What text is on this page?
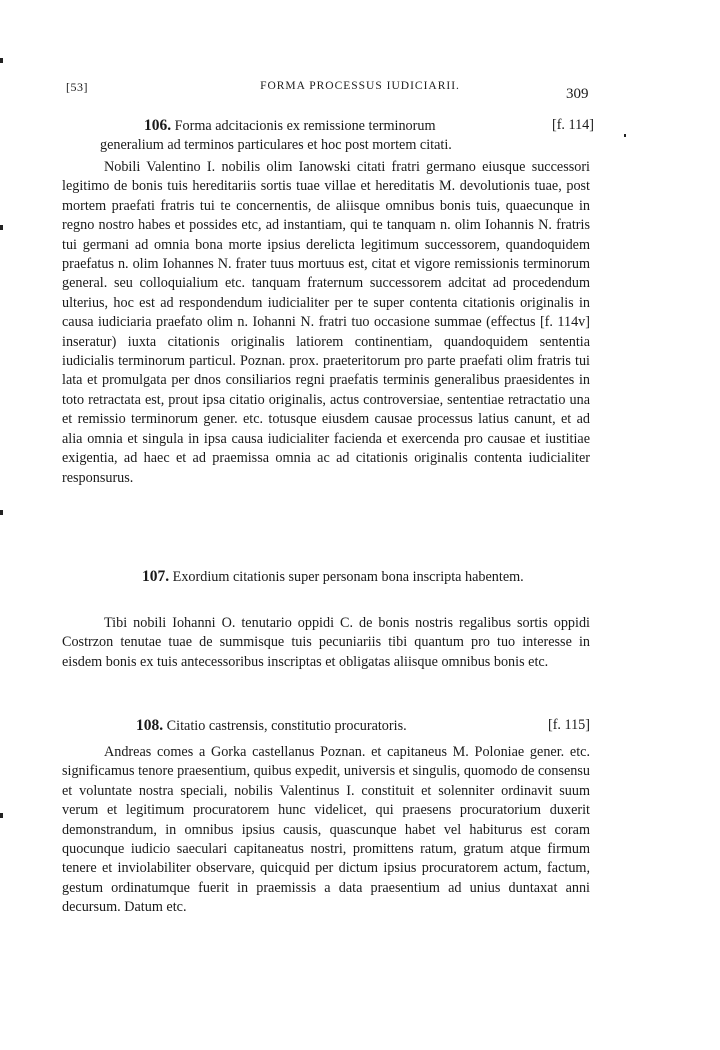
[53]	FORMA PROCESSUS IUDICIARII.	309

106. Forma adcitacionis ex remissione terminorum	[f. 114]

generalium ad terminos particulares et hoc post mortem citati.

Nobili Valentino I. nobilis olim Ianowski citati fratri germano eiusque successori legitimo de bonis tuis hereditariis sortis tuae villae et hereditatis M. devolutionis tuae, post mortem praefati fratris tui te concernentis, de aliisque omnibus bonis tuis, quaecunque in regno nostro habes et possides etc, ad instantiam, qui te tanquam n. olim Iohannis N. fratris tui germani ad omnia bona morte ipsius derelicta legitimum successorem, quandoquidem praefatus n. olim Iohannes N. frater tuus mortuus est, citat et vigore remissionis terminorum general. seu colloquialium etc. tanquam fraternum successorem adcitat ad procedendum ulterius, hoc est ad respondendum iudicialiter per te super contenta citationis originalis in causa iudiciaria praefato olim n. Iohanni N. fratri tuo occasione summae (effectus [f. 114v] inseratur) iuxta citationis originalis latiorem continentiam, quandoquidem sententia iudicialis terminorum particul. Poznan. prox. praeteritorum pro parte praefati olim fratris tui lata et promulgata per dnos consiliarios regni praefatis terminis generalibus praesidentes in toto retractata est, prout ipsa citatio originalis, actus controversiae, sententiae retractatio una et remissio terminorum gener. etc. totusque eiusdem causae processus latius canunt, et ad alia omnia et singula in ipsa causa iudicialiter facienda et exercenda pro causae et iustitiae exigentia, ad haec et ad praemissa omnia ac ad citationis originalis contenta iudicialiter responsurus.

107. Exordium citationis super personam bona inscripta habentem.

Tibi nobili Iohanni O. tenutario oppidi C. de bonis nostris regalibus sortis oppidi Costrzon tenutae tuae de summisque tuis pecuniariis tibi quantum pro tuo interesse in eisdem bonis ex tuis antecessoribus inscriptas et obligatas aliisque omnibus bonis etc.

108. Citatio castrensis, constitutio procuratoris.	[f. 115]

Andreas comes a Gorka castellanus Poznan. et capitaneus M. Poloniae gener. etc. significamus tenore praesentium, quibus expedit, universis et singulis, quomodo de consensu et voluntate nostra speciali, nobilis Valentinus I. constituit et solenniter ordinavit suum verum et legitimum procuratorem hunc videlicet, qui praesens procuratorium duxerit demonstrandum, in omnibus ipsius causis, quascunque habet vel habiturus est coram quocunque iudicio saeculari capitaneatus nostri, promittens ratum, gratum atque firmum tenere et inviolabiliter observare, quicquid per dictum ipsius procuratorem actum, factum, gestum ordinatumque fuerit in praemissis a data praesentium ad unius duntaxat anni decursum. Datum etc.
